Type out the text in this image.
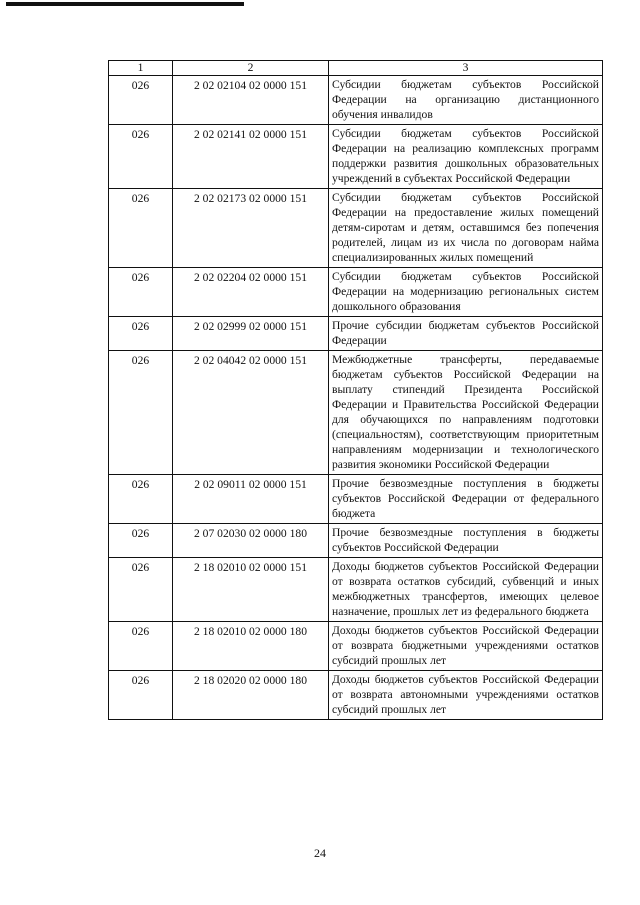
1	2	3
026	2 02 02104 02 0000 151	Субсидии бюджетам субъектов Российской Федерации на организацию дистанционного обучения инвалидов
026	2 02 02141 02 0000 151	Субсидии бюджетам субъектов Российской Федерации на реализацию комплексных программ поддержки развития дошкольных образовательных учреждений в субъектах Российской Федерации
026	2 02 02173 02 0000 151	Субсидии бюджетам субъектов Российской Федерации на предоставление жилых помещений детям-сиротам и детям, оставшимся без попечения родителей, лицам из их числа по договорам найма специализированных жилых помещений
026	2 02 02204 02 0000 151	Субсидии бюджетам субъектов Российской Федерации на модернизацию региональных систем дошкольного образования
026	2 02 02999 02 0000 151	Прочие субсидии бюджетам субъектов Российской Федерации
026	2 02 04042 02 0000 151	Межбюджетные трансферты, передаваемые бюджетам субъектов Российской Федерации на выплату стипендий Президента Российской Федерации и Правительства Российской Федерации для обучающихся по направлениям подготовки (специальностям), соответствующим приоритетным направлениям модернизации и технологического развития экономики Российской Федерации
026	2 02 09011 02 0000 151	Прочие безвозмездные поступления в бюджеты субъектов Российской Федерации от федерального бюджета
026	2 07 02030 02 0000 180	Прочие безвозмездные поступления в бюджеты субъектов Российской Федерации
026	2 18 02010 02 0000 151	Доходы бюджетов субъектов Российской Федерации от возврата остатков субсидий, субвенций и иных межбюджетных трансфертов, имеющих целевое назначение, прошлых лет из федерального бюджета
026	2 18 02010 02 0000 180	Доходы бюджетов субъектов Российской Федерации от возврата бюджетными учреждениями остатков субсидий прошлых лет
026	2 18 02020 02 0000 180	Доходы бюджетов субъектов Российской Федерации от возврата автономными учреждениями остатков субсидий прошлых лет
24
